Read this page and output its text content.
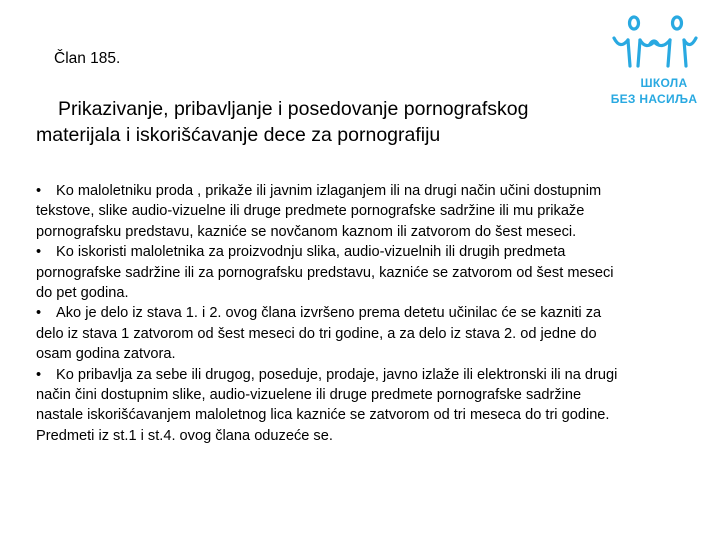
Član 185.
Prikazivanje, pribavljanje i posedovanje pornografskog
materijala i iskorišćavanje dece za pornografiju
ШКОЛА
БЕЗ НАСИЉА
• Ko maloletniku proda , prikaže ili javnim izlaganjem ili na drugi način učini dostupnim
tekstove, slike audio-vizuelne ili druge predmete pornografske sadržine ili mu prikaže
pornografsku predstavu, kazniće se novčanom kaznom ili zatvorom do šest meseci.
• Ko iskoristi maloletnika za proizvodnju slika, audio-vizuelnih ili drugih predmeta
pornografske sadržine ili za pornografsku predstavu, kazniće se zatvorom od šest meseci
do pet godina.
• Ako je delo iz stava 1. i 2. ovog člana izvršeno prema detetu učinilac će se kazniti za
delo iz stava 1 zatvorom od šest meseci do tri godine, a za delo iz stava 2. od jedne do
osam godina zatvora.
• Ko pribavlja za sebe ili drugog, poseduje, prodaje, javno izlaže ili elektronski ili na drugi
način čini dostupnim slike, audio-vizuelene ili druge predmete pornografske sadržine
nastale iskorišćavanjem maloletnog lica kazniće se zatvorom od tri meseca do tri godine.
Predmeti iz st.1 i st.4. ovog člana oduzeće se.
